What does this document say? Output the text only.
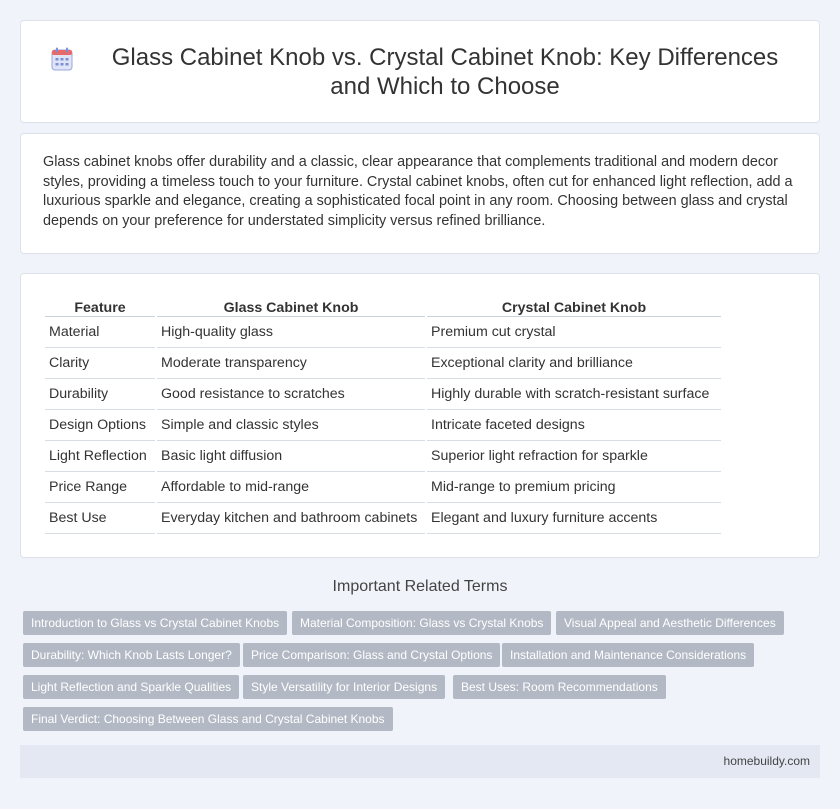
Glass Cabinet Knob vs. Crystal Cabinet Knob: Key Differences and Which to Choose

Glass cabinet knobs offer durability and a classic, clear appearance that complements traditional and modern decor styles, providing a timeless touch to your furniture. Crystal cabinet knobs, often cut for enhanced light reflection, add a luxurious sparkle and elegance, creating a sophisticated focal point in any room. Choosing between glass and crystal depends on your preference for understated simplicity versus refined brilliance.

Feature	Glass Cabinet Knob	Crystal Cabinet Knob
Material	High-quality glass	Premium cut crystal
Clarity	Moderate transparency	Exceptional clarity and brilliance
Durability	Good resistance to scratches	Highly durable with scratch-resistant surface
Design Options	Simple and classic styles	Intricate faceted designs
Light Reflection	Basic light diffusion	Superior light refraction for sparkle
Price Range	Affordable to mid-range	Mid-range to premium pricing
Best Use	Everyday kitchen and bathroom cabinets	Elegant and luxury furniture accents
Important Related Terms
Introduction to Glass vs Crystal Cabinet Knobs	Material Composition: Glass vs Crystal Knobs	Visual Appeal and Aesthetic Differences
Durability: Which Knob Lasts Longer?	Price Comparison: Glass and Crystal Options	Installation and Maintenance Considerations
Light Reflection and Sparkle Qualities	Style Versatility for Interior Designs	Best Uses: Room Recommendations
Final Verdict: Choosing Between Glass and Crystal Cabinet Knobs
homebuildy.com
